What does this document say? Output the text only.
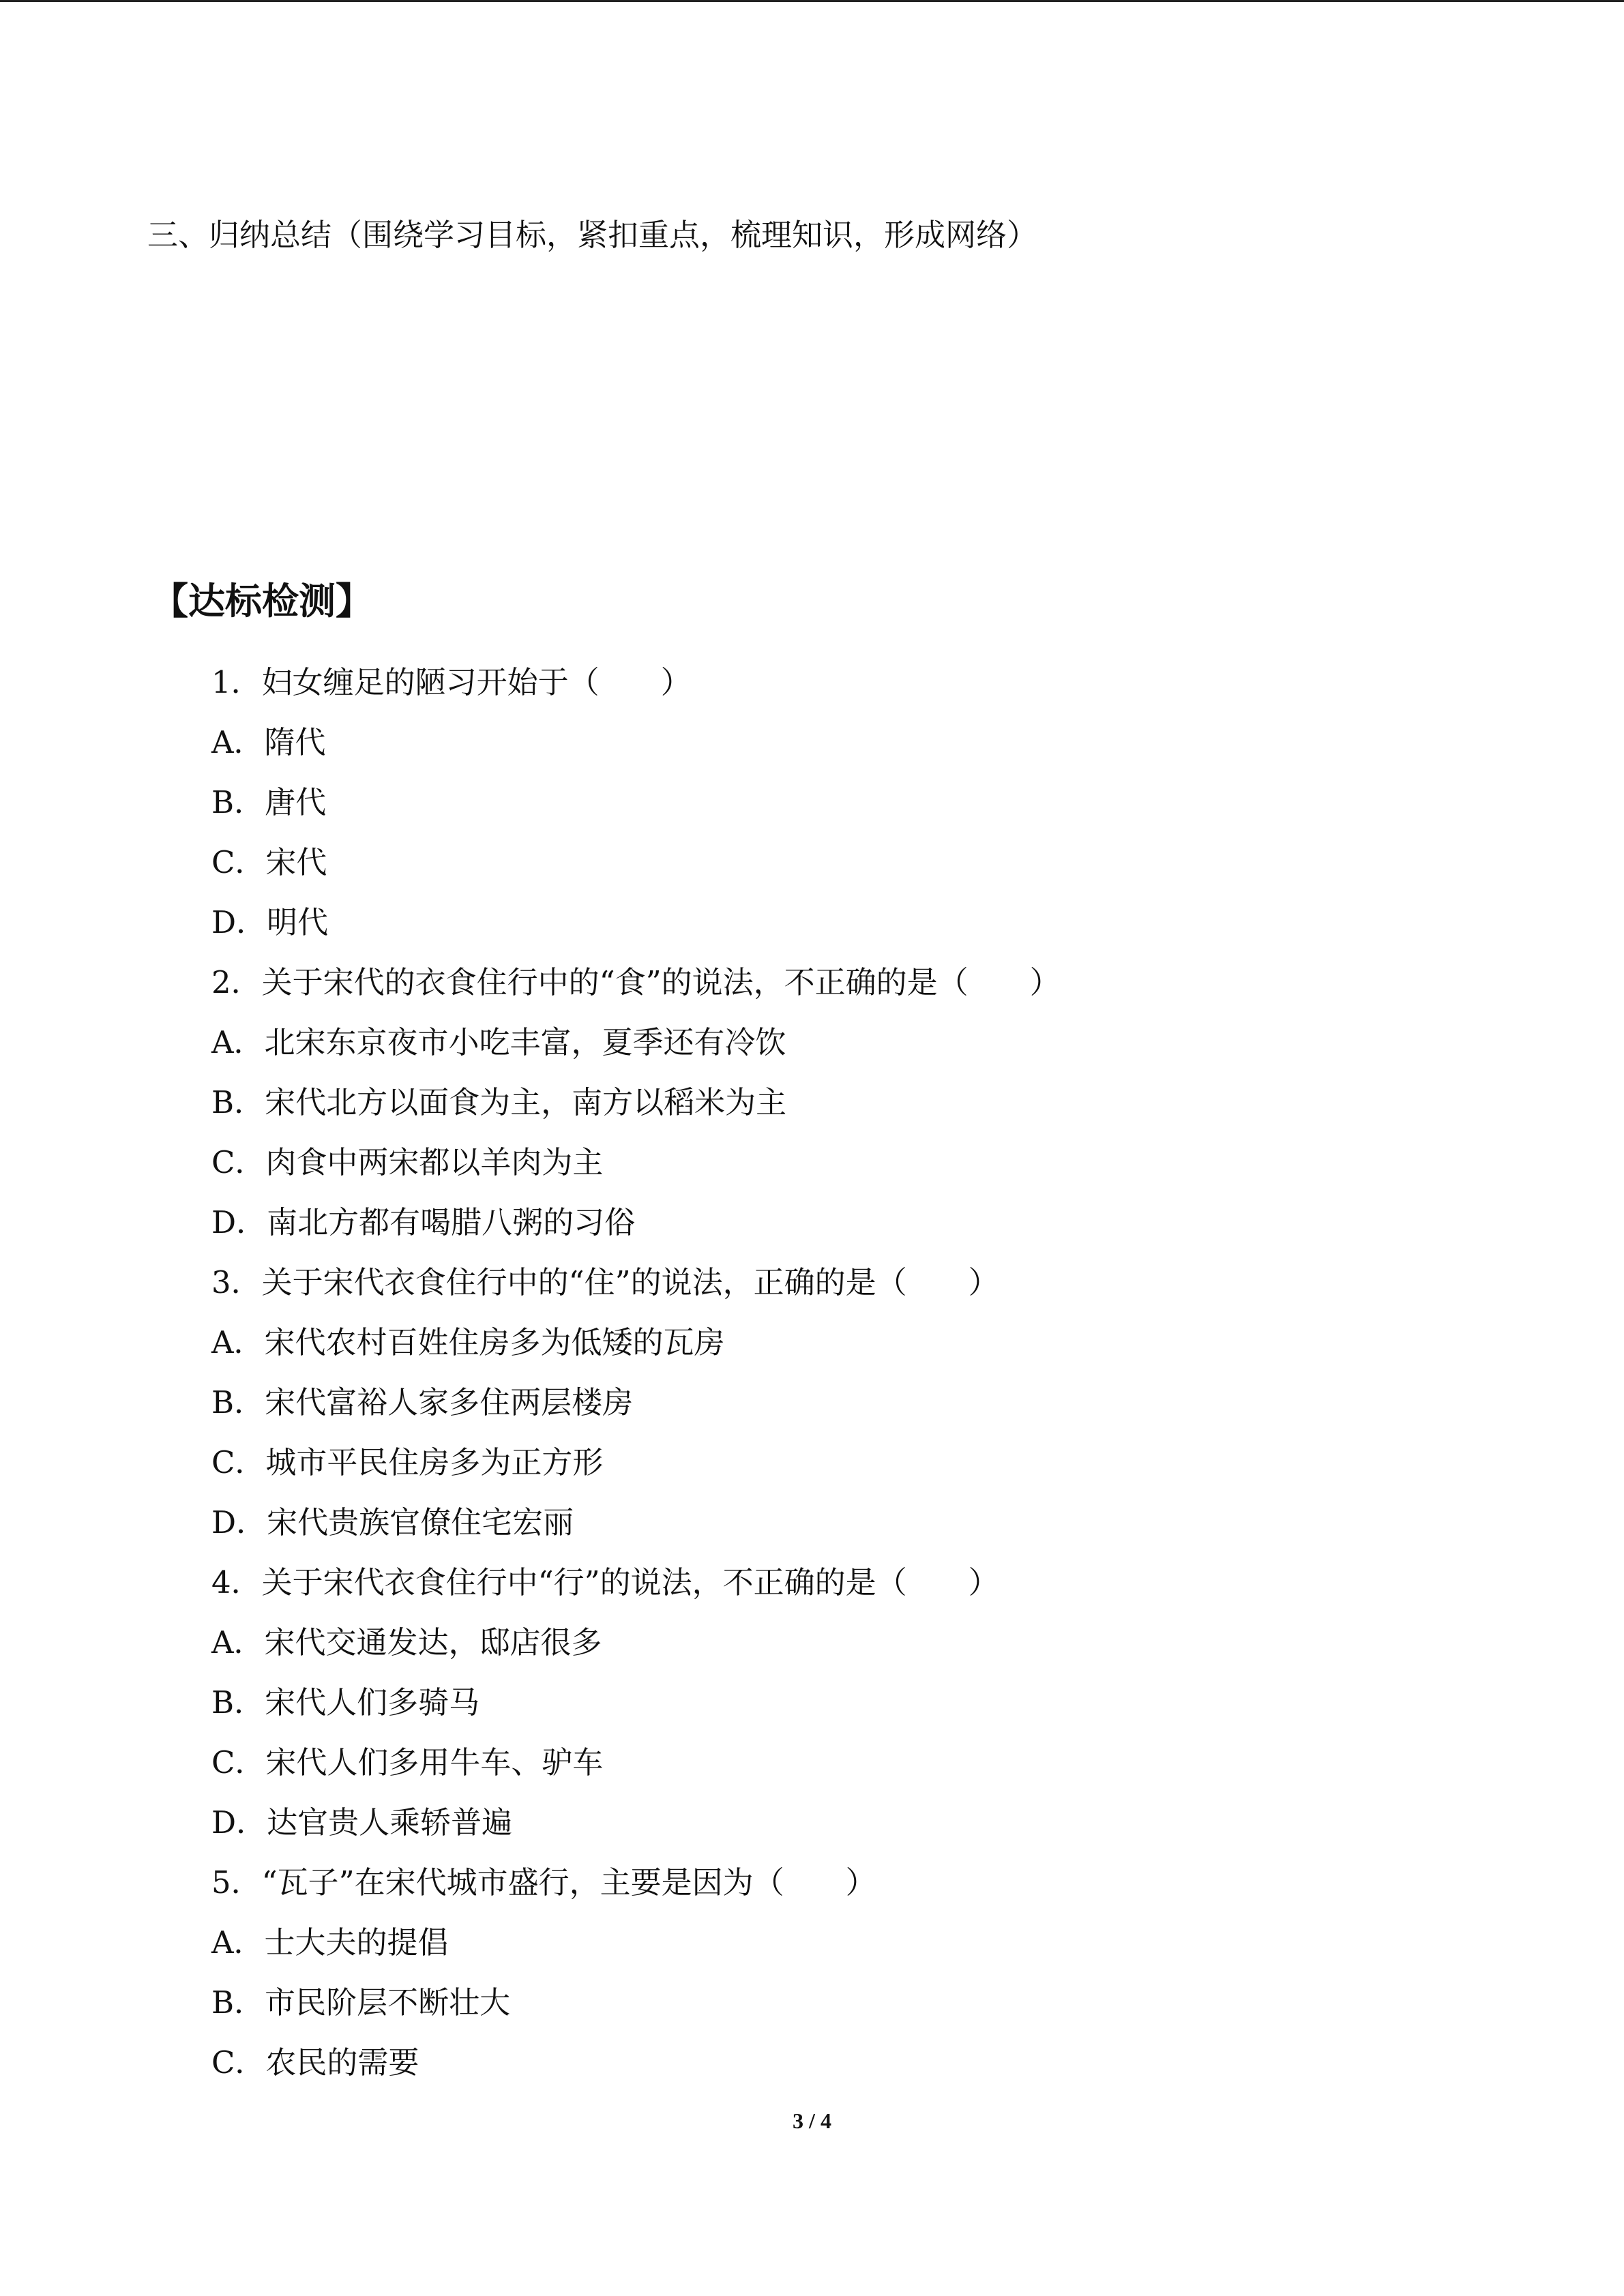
三、归纳总结（围绕学习目标，紧扣重点，梳理知识，形成网络）
【达标检测】
1．妇女缠足的陋习开始于（　　）
A．隋代
B．唐代
C．宋代
D．明代
2．关于宋代的衣食住行中的“食”的说法，不正确的是（　　）
A．北宋东京夜市小吃丰富，夏季还有冷饮
B．宋代北方以面食为主，南方以稻米为主
C．肉食中两宋都以羊肉为主
D．南北方都有喝腊八粥的习俗
3．关于宋代衣食住行中的“住”的说法，正确的是（　　）
A．宋代农村百姓住房多为低矮的瓦房
B．宋代富裕人家多住两层楼房
C．城市平民住房多为正方形
D．宋代贵族官僚住宅宏丽
4．关于宋代衣食住行中“行”的说法，不正确的是（　　）
A．宋代交通发达，邸店很多
B．宋代人们多骑马
C．宋代人们多用牛车、驴车
D．达官贵人乘轿普遍
5．“瓦子”在宋代城市盛行，主要是因为（　　）
A．士大夫的提倡
B．市民阶层不断壮大
C．农民的需要
3 / 4
